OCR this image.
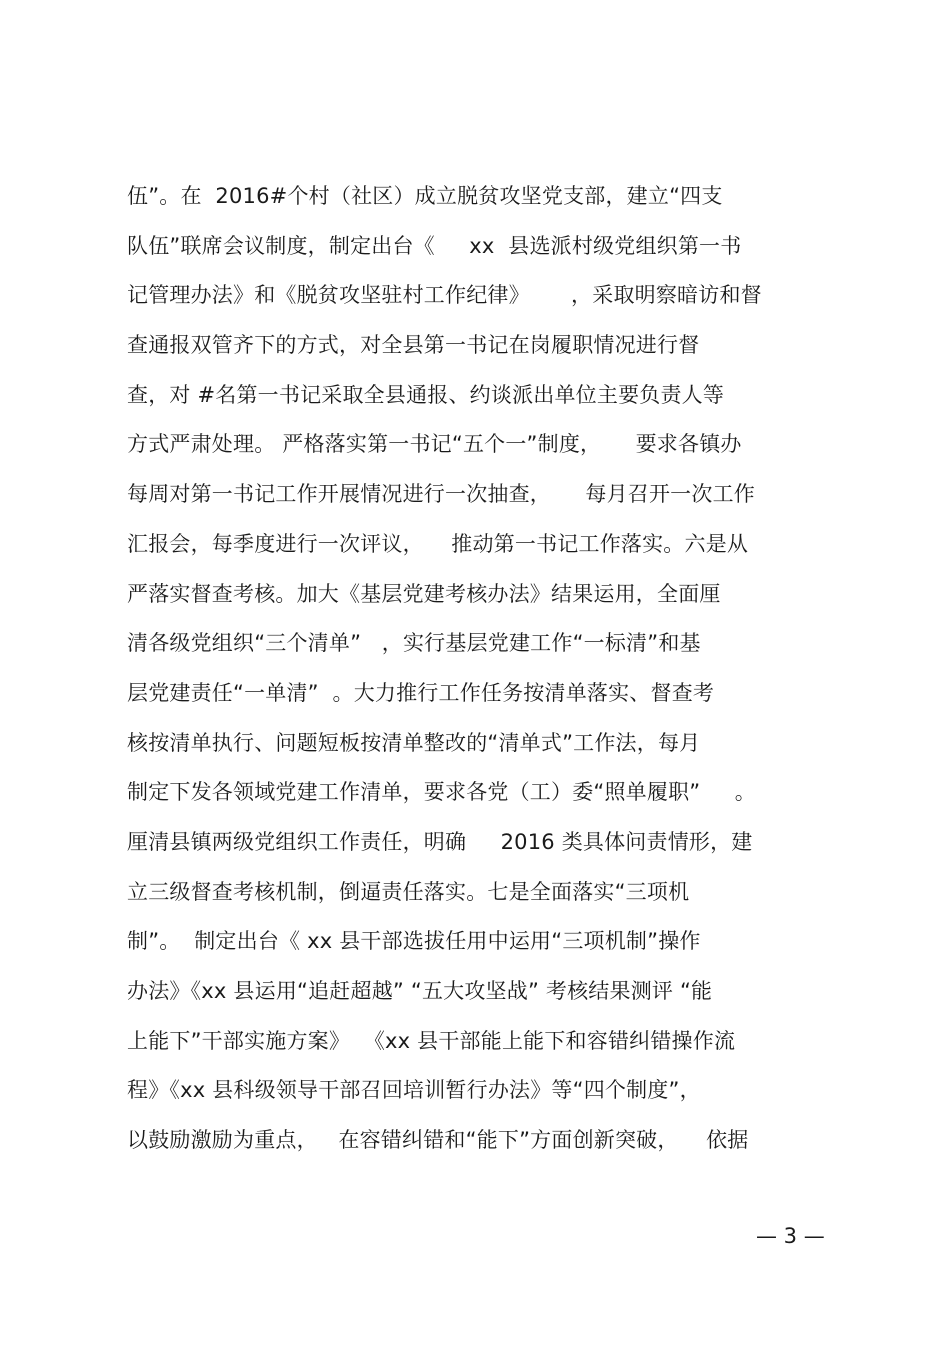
伍”。在  2016#个村（社区）成立脱贫攻坚党支部，建立“四支
队伍”联席会议制度，制定出台《     xx  县选派村级党组织第一书
记管理办法》和《脱贫攻坚驻村工作纪律》      ，采取明察暗访和督
查通报双管齐下的方式，对全县第一书记在岗履职情况进行督
查，对 #名第一书记采取全县通报、约谈派出单位主要负责人等
方式严肃处理。 严格落实第一书记“五个一”制度，     要求各镇办
每周对第一书记工作开展情况进行一次抽查，     每月召开一次工作
汇报会，每季度进行一次评议，    推动第一书记工作落实。六是从
严落实督查考核。加大《基层党建考核办法》结果运用，全面厘
清各级党组织“三个清单”   ，实行基层党建工作“一标清”和基
层党建责任“一单清”  。大力推行工作任务按清单落实、督查考
核按清单执行、问题短板按清单整改的“清单式”工作法，每月
制定下发各领域党建工作清单，要求各党（工）委“照单履职”     。
厘清县镇两级党组织工作责任，明确     2016 类具体问责情形，建
立三级督查考核机制，倒逼责任落实。七是全面落实“三项机
制”。  制定出台《 xx 县干部选拔任用中运用“三项机制”操作
办法》《xx 县运用“追赶超越” “五大攻坚战” 考核结果测评 “能
上能下”干部实施方案》  《xx 县干部能上能下和容错纠错操作流
程》《xx 县科级领导干部召回培训暂行办法》等“四个制度”，
以鼓励激励为重点，   在容错纠错和“能下”方面创新突破，    依据
— 3 —
